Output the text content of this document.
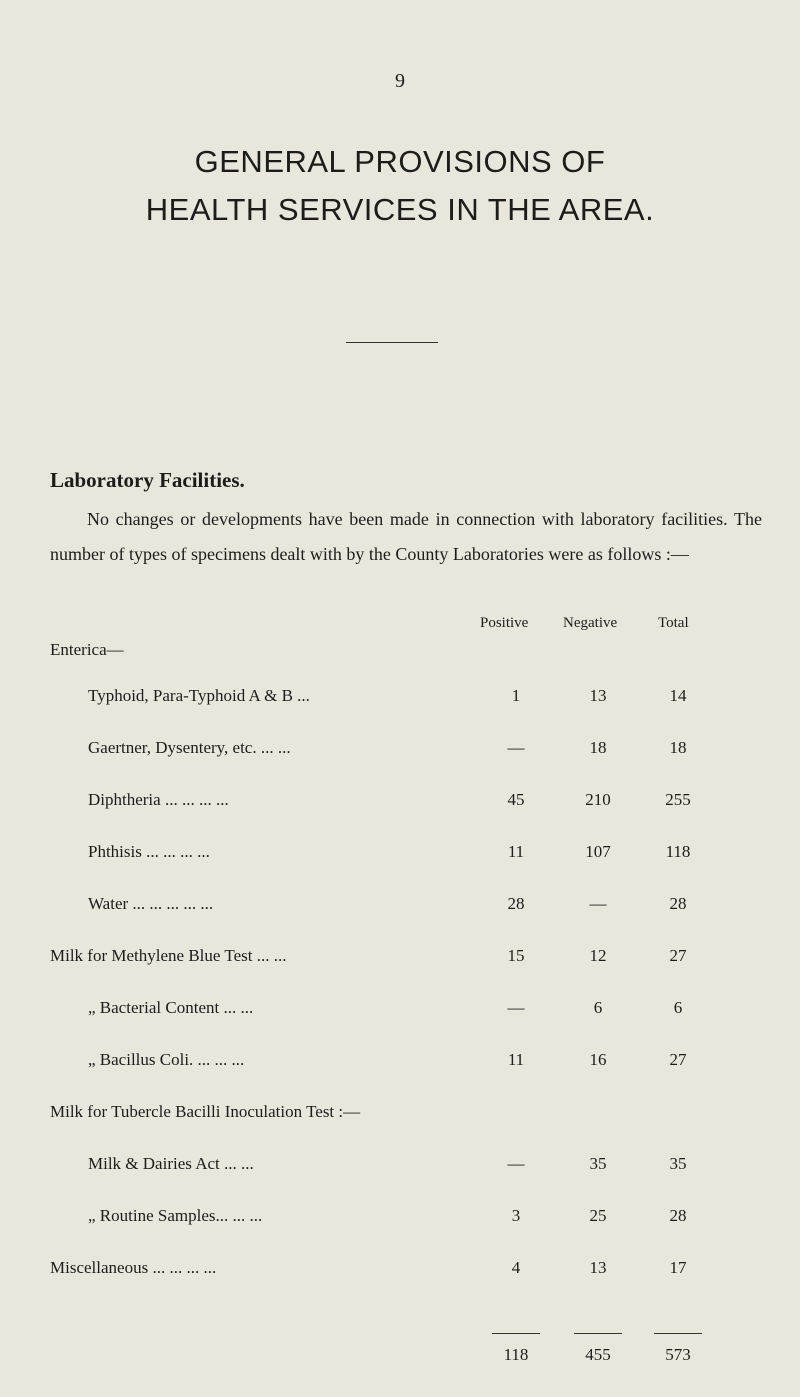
9
GENERAL PROVISIONS OF
HEALTH SERVICES IN THE AREA.
Laboratory Facilities.

No changes or developments have been made in connection with laboratory facilities. The number of types of specimens dealt with by the County Laboratories were as follows :—

Positive Negative	Total
Enterica—
Typhoid, Para-Typhoid A & B ...	1	13	14
Gaertner, Dysentery, etc. ... ...	—	18	18
Diphtheria ... ... ... ...	45	210	255
Phthisis ... ... ... ...	11	107	118
Water ... ... ... ... ...	28	—	28
Milk for Methylene Blue Test ... ...	15	12	27
„ Bacterial Content ... ...	—	6	6
„ Bacillus Coli. ... ... ...	11	16	27
Milk for Tubercle Bacilli Inoculation Test :—
Milk & Dairies Act ... ...	—	35	35
„ Routine Samples... ... ...	3	25	28
Miscellaneous ... ... ... ...	4	13	17
118	455	573
